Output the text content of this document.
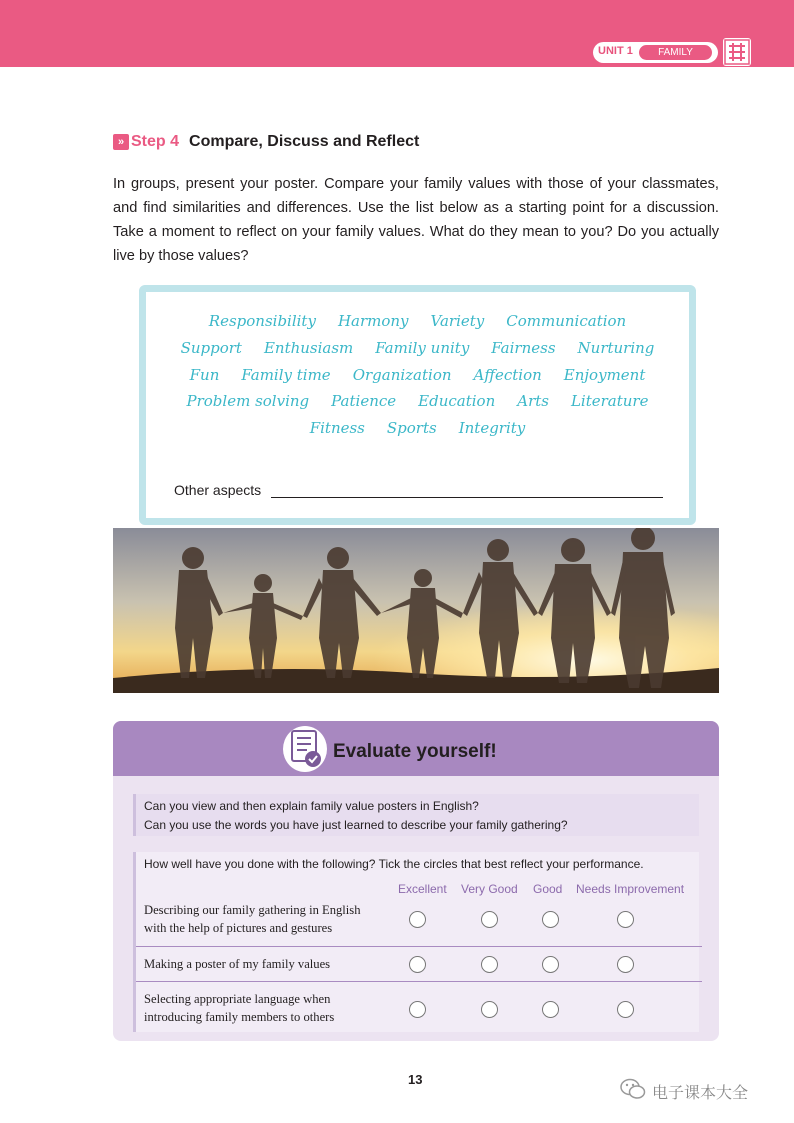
UNIT 1	FAMILY
» Step 4 Compare, Discuss and Reflect

In groups, present your poster. Compare your family values with those of your classmates, and find similarities and differences. Use the list below as a starting point for a discussion. Take a moment to reflect on your family values. What do they mean to you? Do you actually live by those values?

Responsibility Harmony Variety Communication
Support Enthusiasm Family unity Fairness Nurturing
Fun Family time Organization Affection Enjoyment
Problem solving Patience Education Arts Literature
Fitness Sports Integrity
Other aspects
Evaluate yourself!
Can you view and then explain family value posters in English?
Can you use the words you have just learned to describe your family gathering?
How well have you done with the following? Tick the circles that best reflect your performance.
Excellent Very Good Good Needs Improvement
Describing our family gathering in English
with the help of pictures and gestures
Making a poster of my family values
Selecting appropriate language when
introducing family members to others
13
电子课本大全
